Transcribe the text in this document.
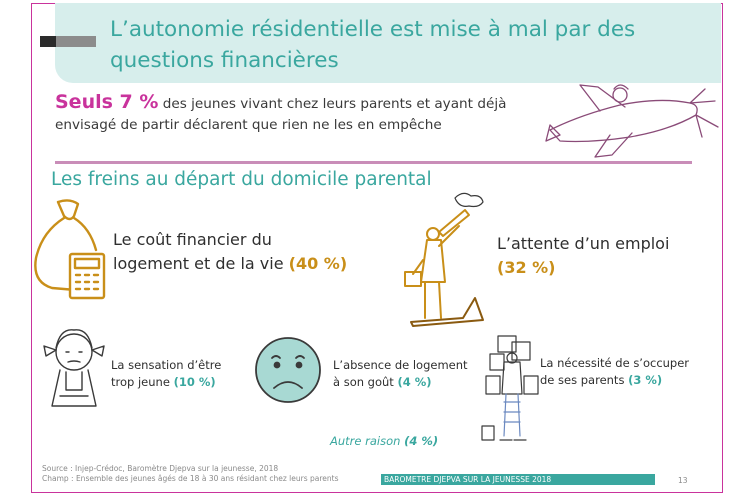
L’autonomie résidentielle est mise à mal par des
questions financières
Seuls 7 % des jeunes vivant chez leurs parents et ayant déjà
envisagé de partir déclarent que rien ne les en empêche
Les freins au départ du domicile parental
Le coût financier du
logement et de la vie (40 %)
L’attente d’un emploi
(32 %)
La sensation d’être
trop jeune (10 %)
L’absence de logement
à son goût (4 %)
La nécessité de s’occuper
de ses parents (3 %)
Autre raison (4 %)
Source : Injep-Crédoc, Baromètre Djepva sur la jeunesse, 2018
Champ : Ensemble des jeunes âgés de 18 à 30 ans résidant chez leurs parents	BAROMETRE DJEPVA SUR LA JEUNESSE 2018	13
